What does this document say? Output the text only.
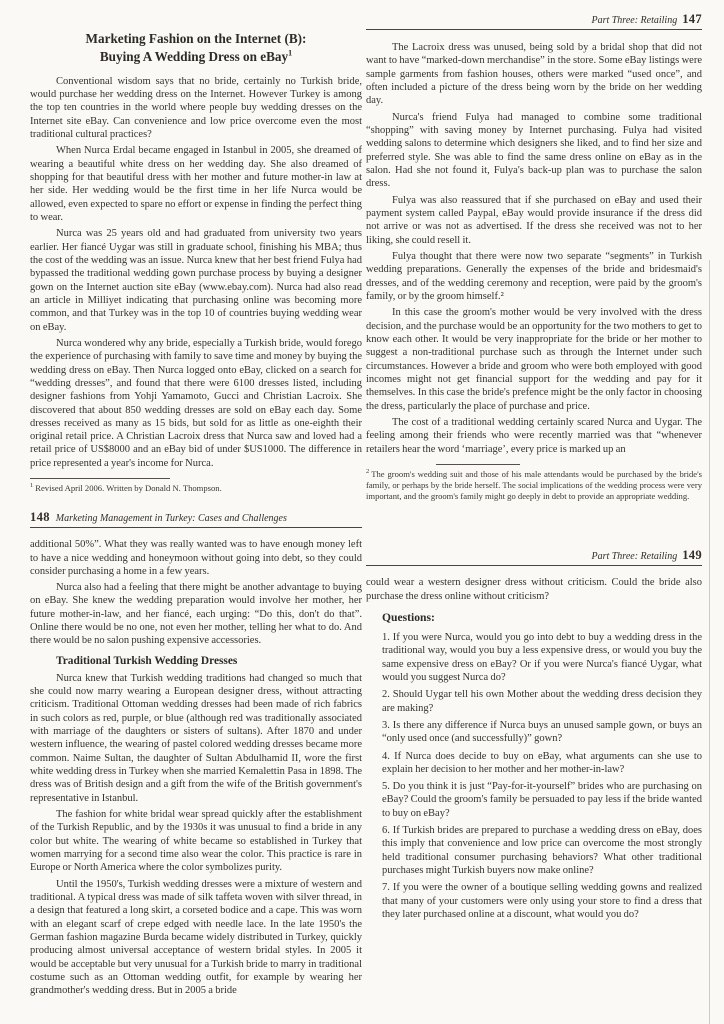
Marketing Fashion on the Internet (B):
Buying A Wedding Dress on eBay$^1$

Conventional wisdom says that no bride, certainly no Turkish bride, would purchase her wedding dress on the Internet. However Turkey is among the top ten countries in the world where people buy wedding dresses on the Internet site eBay. Can convenience and low price overcome even the most traditional cultural practices?

When Nurca Erdal became engaged in Istanbul in 2005, she dreamed of wearing a beautiful white dress on her wedding day. She also dreamed of shopping for that beautiful dress with her mother and future mother-in law at her side. Her wedding would be the first time in her life Nurca would be allowed, even expected to spare no effort or expense in finding the perfect thing to wear.

Nurca was 25 years old and had graduated from university two years earlier. Her fiancé Uygar was still in graduate school, finishing his MBA; thus the cost of the wedding was an issue. Nurca knew that her best friend Fulya had bypassed the traditional wedding gown purchase process by buying a designer gown on the Internet auction site eBay (www.ebay.com). Nurca had also read an article in Milliyet indicating that purchasing online was becoming more common, and that Turkey was in the top 10 of countries buying wedding wear on eBay.

Nurca wondered why any bride, especially a Turkish bride, would forego the experience of purchasing with family to save time and money by buying the wedding dress on eBay. Then Nurca logged onto eBay, clicked on a search for “wedding dresses”, and found that there were 6100 dresses listed, including designer fashions from Yohji Yamamoto, Gucci and Christian Lacroix. She discovered that about 850 wedding dresses are sold on eBay each day. Some dresses received as many as 15 bids, but sold for as little as one-eighth their original retail price. A Christian Lacroix dress that Nurca saw and loved had a retail price of US$8000 and an eBay bid of under $US1000. The difference in price represented a year's income for Nurca.

$^1$ Revised April 2006. Written by Donald N. Thompson.

148 Marketing Management in Turkey: Cases and Challenges

additional 50%”. What they was really wanted was to have enough money left to have a nice wedding and honeymoon without going into debt, so they could consider purchasing a home in a few years.

Nurca also had a feeling that there might be another advantage to buying on eBay. She knew the wedding preparation would involve her mother, her future mother-in-law, and her fiancé, each urging: “Do this, don't do that”. Online there would be no one, not even her mother, telling her what to do. And there would be no salon pushing expensive accessories.

Traditional Turkish Wedding Dresses

Nurca knew that Turkish wedding traditions had changed so much that she could now marry wearing a European designer dress, without attracting criticism. Traditional Ottoman wedding dresses had been made of rich fabrics in such colors as red, purple, or blue (although red was traditionally associated with marriage of the daughters or sisters of sultans). After 1870 and under western influence, the wearing of pastel colored wedding dresses became more common. Naime Sultan, the daughter of Sultan Abdulhamid II, wore the first white wedding dress in Turkey when she married Kemalettin Pasa in 1898. The dress was of British design and a gift from the wife of the British government's representative in Istanbul.

The fashion for white bridal wear spread quickly after the establishment of the Turkish Republic, and by the 1930s it was unusual to find a bride in any color but white. The wearing of white became so established in Turkey that women marrying for a second time also wear the color. This practice is rare in Europe or North America where the color symbolizes purity.

Until the 1950's, Turkish wedding dresses were a mixture of western and traditional. A typical dress was made of silk taffeta woven with silver thread, in a design that featured a long skirt, a corseted bodice and a cape. This was worn with an elegant scarf of crepe edged with needle lace. In the late 1950's the German fashion magazine Burda became widely distributed in Turkey, quickly producing almost universal acceptance of western bridal styles. In 2005 it would be acceptable but very unusual for a Turkish bride to marry in traditional costume such as an Ottoman wedding outfit, for example by wearing her grandmother's wedding dress. But in 2005 a bride

Part Three: Retailing 147

The Lacroix dress was unused, being sold by a bridal shop that did not want to have “marked-down merchandise” in the store. Some eBay listings were sample garments from fashion houses, others were marked “used once”, and often included a picture of the dress being worn by the bride on her wedding day.

Nurca's friend Fulya had managed to combine some traditional “shopping” with saving money by Internet purchasing. Fulya had visited wedding salons to determine which designers she liked, and to find her size and preferred style. She was able to find the same dress online on eBay as in the salon. Had she not found it, Fulya's back-up plan was to purchase the salon dress.

Fulya was also reassured that if she purchased on eBay and used their payment system called Paypal, eBay would provide insurance if the dress did not arrive or was not as advertised. If the dress she received was not to her liking, she could resell it.

Fulya thought that there were now two separate “segments” in Turkish wedding preparations. Generally the expenses of the bride and bridesmaid's dresses, and of the wedding ceremony and reception, were paid by the groom's family, or by the groom himself.²

In this case the groom's mother would be very involved with the dress decision, and the purchase would be an opportunity for the two mothers to get to know each other. It would be very inappropriate for the bride or her mother to suggest a non-traditional purchase such as through the Internet under such circumstances. However a bride and groom who were both employed with good incomes might not get financial support for the wedding and pay for it themselves. In this case the bride's prefence might be the only factor in choosing the dress, particularly the place of purchase and price.

The cost of a traditional wedding certainly scared Nurca and Uygar. The feeling among their friends who were recently married was that “whenever retailers hear the word ‘marriage’, every price is marked up an

$^2$ The groom's wedding suit and those of his male attendants would be purchased by the bride's family, or perhaps by the bride herself. The social implications of the wedding process were very important, and the groom's family might go deeply in debt to provide an appropriate wedding.

Part Three: Retailing 149

could wear a western designer dress without criticism. Could the bride also purchase the dress online without criticism?

Questions:

1. If you were Nurca, would you go into debt to buy a wedding dress in the traditional way, would you buy a less expensive dress, or would you buy the same expensive dress on eBay? Or if you were Nurca's fiancé Uygar, what would you suggest Nurca do?

2. Should Uygar tell his own Mother about the wedding dress decision they are making?

3. Is there any difference if Nurca buys an unused sample gown, or buys an “only used once (and successfully)” gown?

4. If Nurca does decide to buy on eBay, what arguments can she use to explain her decision to her mother and her mother-in-law?

5. Do you think it is just “Pay-for-it-yourself” brides who are purchasing on eBay? Could the groom's family be persuaded to pay less if the bride wanted to buy on eBay?

6. If Turkish brides are prepared to purchase a wedding dress on eBay, does this imply that convenience and low price can overcome the most strongly held traditional consumer purchasing behaviors? What other traditional purchases might Turkish buyers now make online?

7. If you were the owner of a boutique selling wedding gowns and realized that many of your customers were only using your store to find a dress that they later purchased online at a discount, what would you do?
